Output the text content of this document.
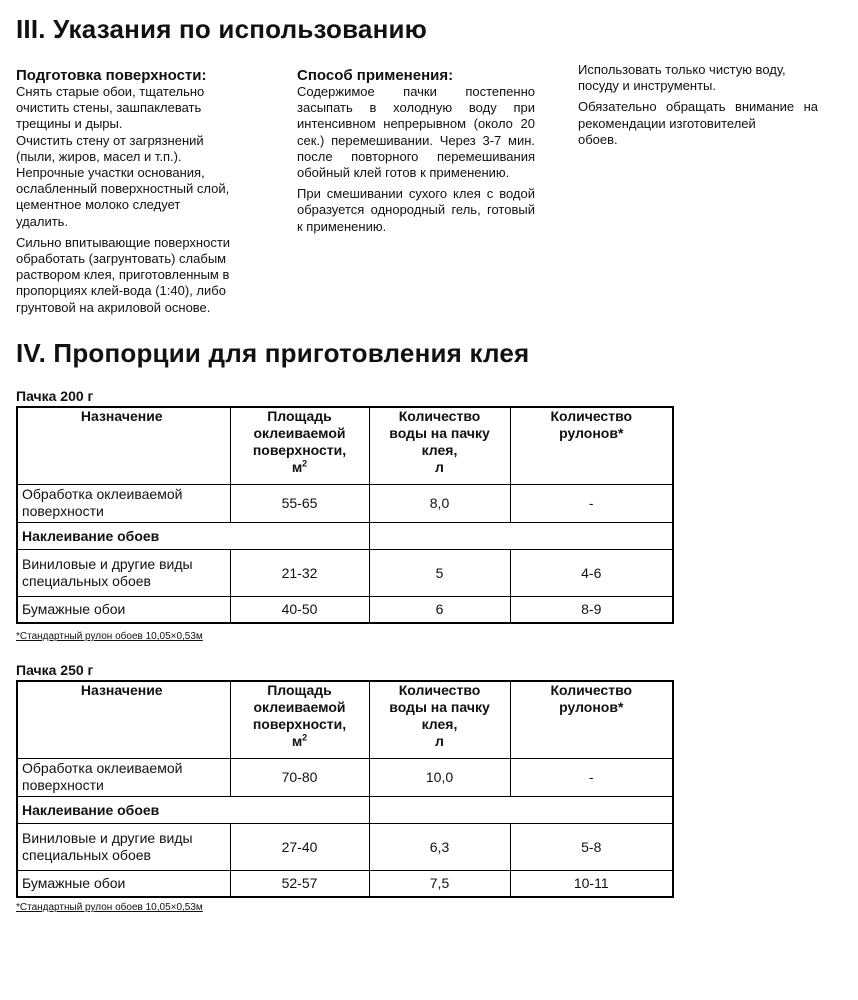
III. Указания по использованию

Подготовка поверхности:

Снять старые обои, тщательно
очистить стены, зашпаклевать
трещины и дыры.
Очистить стену от загрязнений
(пыли, жиров, масел и т.п.).
Непрочные участки основания,
ослабленный поверхностный слой,
цементное молоко следует
удалить.

Сильно впитывающие поверхности
обработать (загрунтовать) слабым
раствором клея, приготовленным в
пропорциях клей-вода (1:40), либо
грунтовой на акриловой основе.

Способ применения:

Содержимое пачки постепенно засыпать в холодную воду при интенсивном непрерывном (около 20 сек.) перемешивании. Через 3-7 мин. после повторного перемешивания обойный клей готов к применению.

При смешивании сухого клея с водой образуется однородный гель, готовый к применению.

Использовать только чистую воду,
посуду и инструменты.

Обязательно обращать внимание на рекомендации изготовителей
обоев.

IV. Пропорции для приготовления клея
Пачка 200 г
Назначение	Площадь
оклеиваемой
поверхности,
$м^2$	Количество
воды на пачку
клея,
л	Количество
рулонов*
Обработка оклеиваемой
поверхности	55-65	8,0	-
Наклеивание обоев			
Виниловые и другие виды
специальных обоев	21-32	5	4-6
Бумажные обои	40-50	6	8-9
*Стандартный рулон обоев 10,05×0,53м
Пачка 250 г
Назначение	Площадь
оклеиваемой
поверхности,
$м^2$	Количество
воды на пачку
клея,
л	Количество
рулонов*
Обработка оклеиваемой
поверхности	70-80	10,0	-
Наклеивание обоев			
Виниловые и другие виды
специальных обоев	27-40	6,3	5-8
Бумажные обои	52-57	7,5	10-11
*Стандартный рулон обоев 10,05×0,53м
